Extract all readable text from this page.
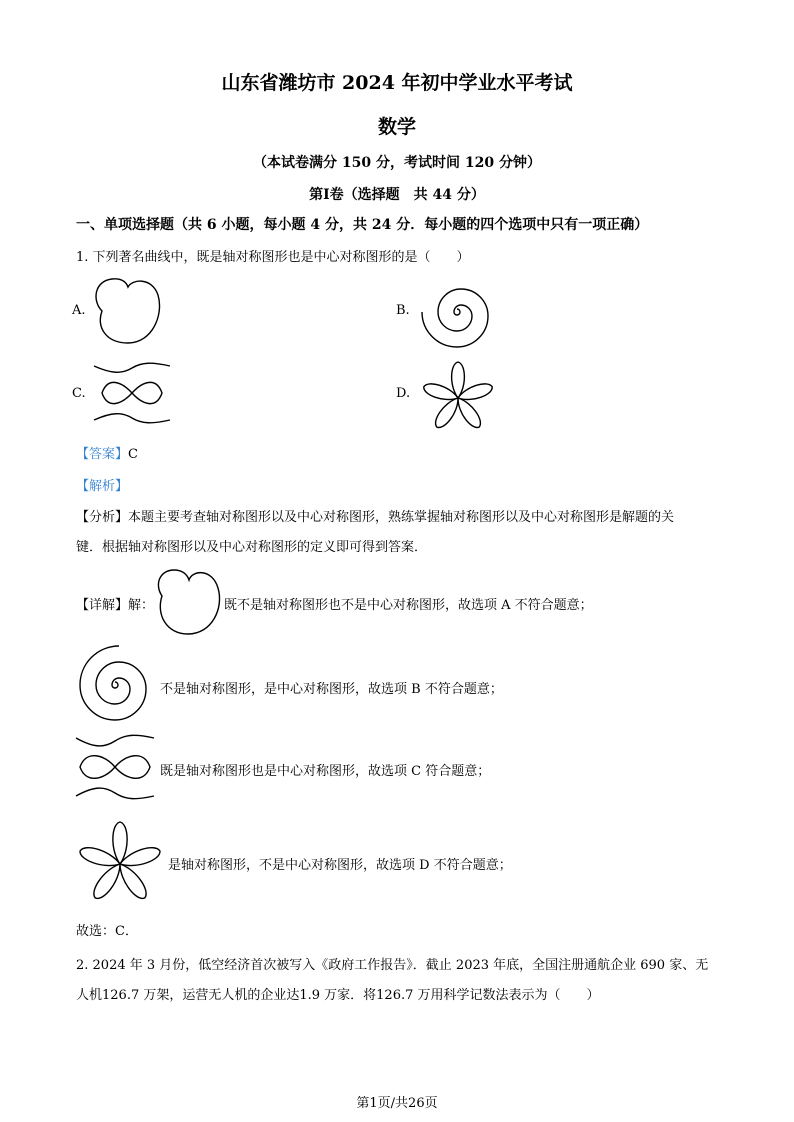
山东省潍坊市 2024 年初中学业水平考试
数学
（本试卷满分 150 分，考试时间 120 分钟）
第Ⅰ卷（选择题　共 44 分）
一、单项选择题（共 6 小题，每小题 4 分，共 24 分．每小题的四个选项中只有一项正确）
1. 下列著名曲线中，既是轴对称图形也是中心对称图形的是（　　）
A.	B.
C.	D.
【答案】C
【解析】
【分析】本题主要考查轴对称图形以及中心对称图形，熟练掌握轴对称图形以及中心对称图形是解题的关
键．根据轴对称图形以及中心对称图形的定义即可得到答案．
【详解】解：	既不是轴对称图形也不是中心对称图形，故选项 A 不符合题意；
不是轴对称图形，是中心对称图形，故选项 B 不符合题意；
既是轴对称图形也是中心对称图形，故选项 C 符合题意；
是轴对称图形，不是中心对称图形，故选项 D 不符合题意；
故选：C．
2. 2024 年 3 月份，低空经济首次被写入《政府工作报告》．截止 2023 年底，全国注册通航企业 690 家、无
人机126.7 万架，运营无人机的企业达1.9 万家．将126.7 万用科学记数法表示为（　　）
第1页/共26页
